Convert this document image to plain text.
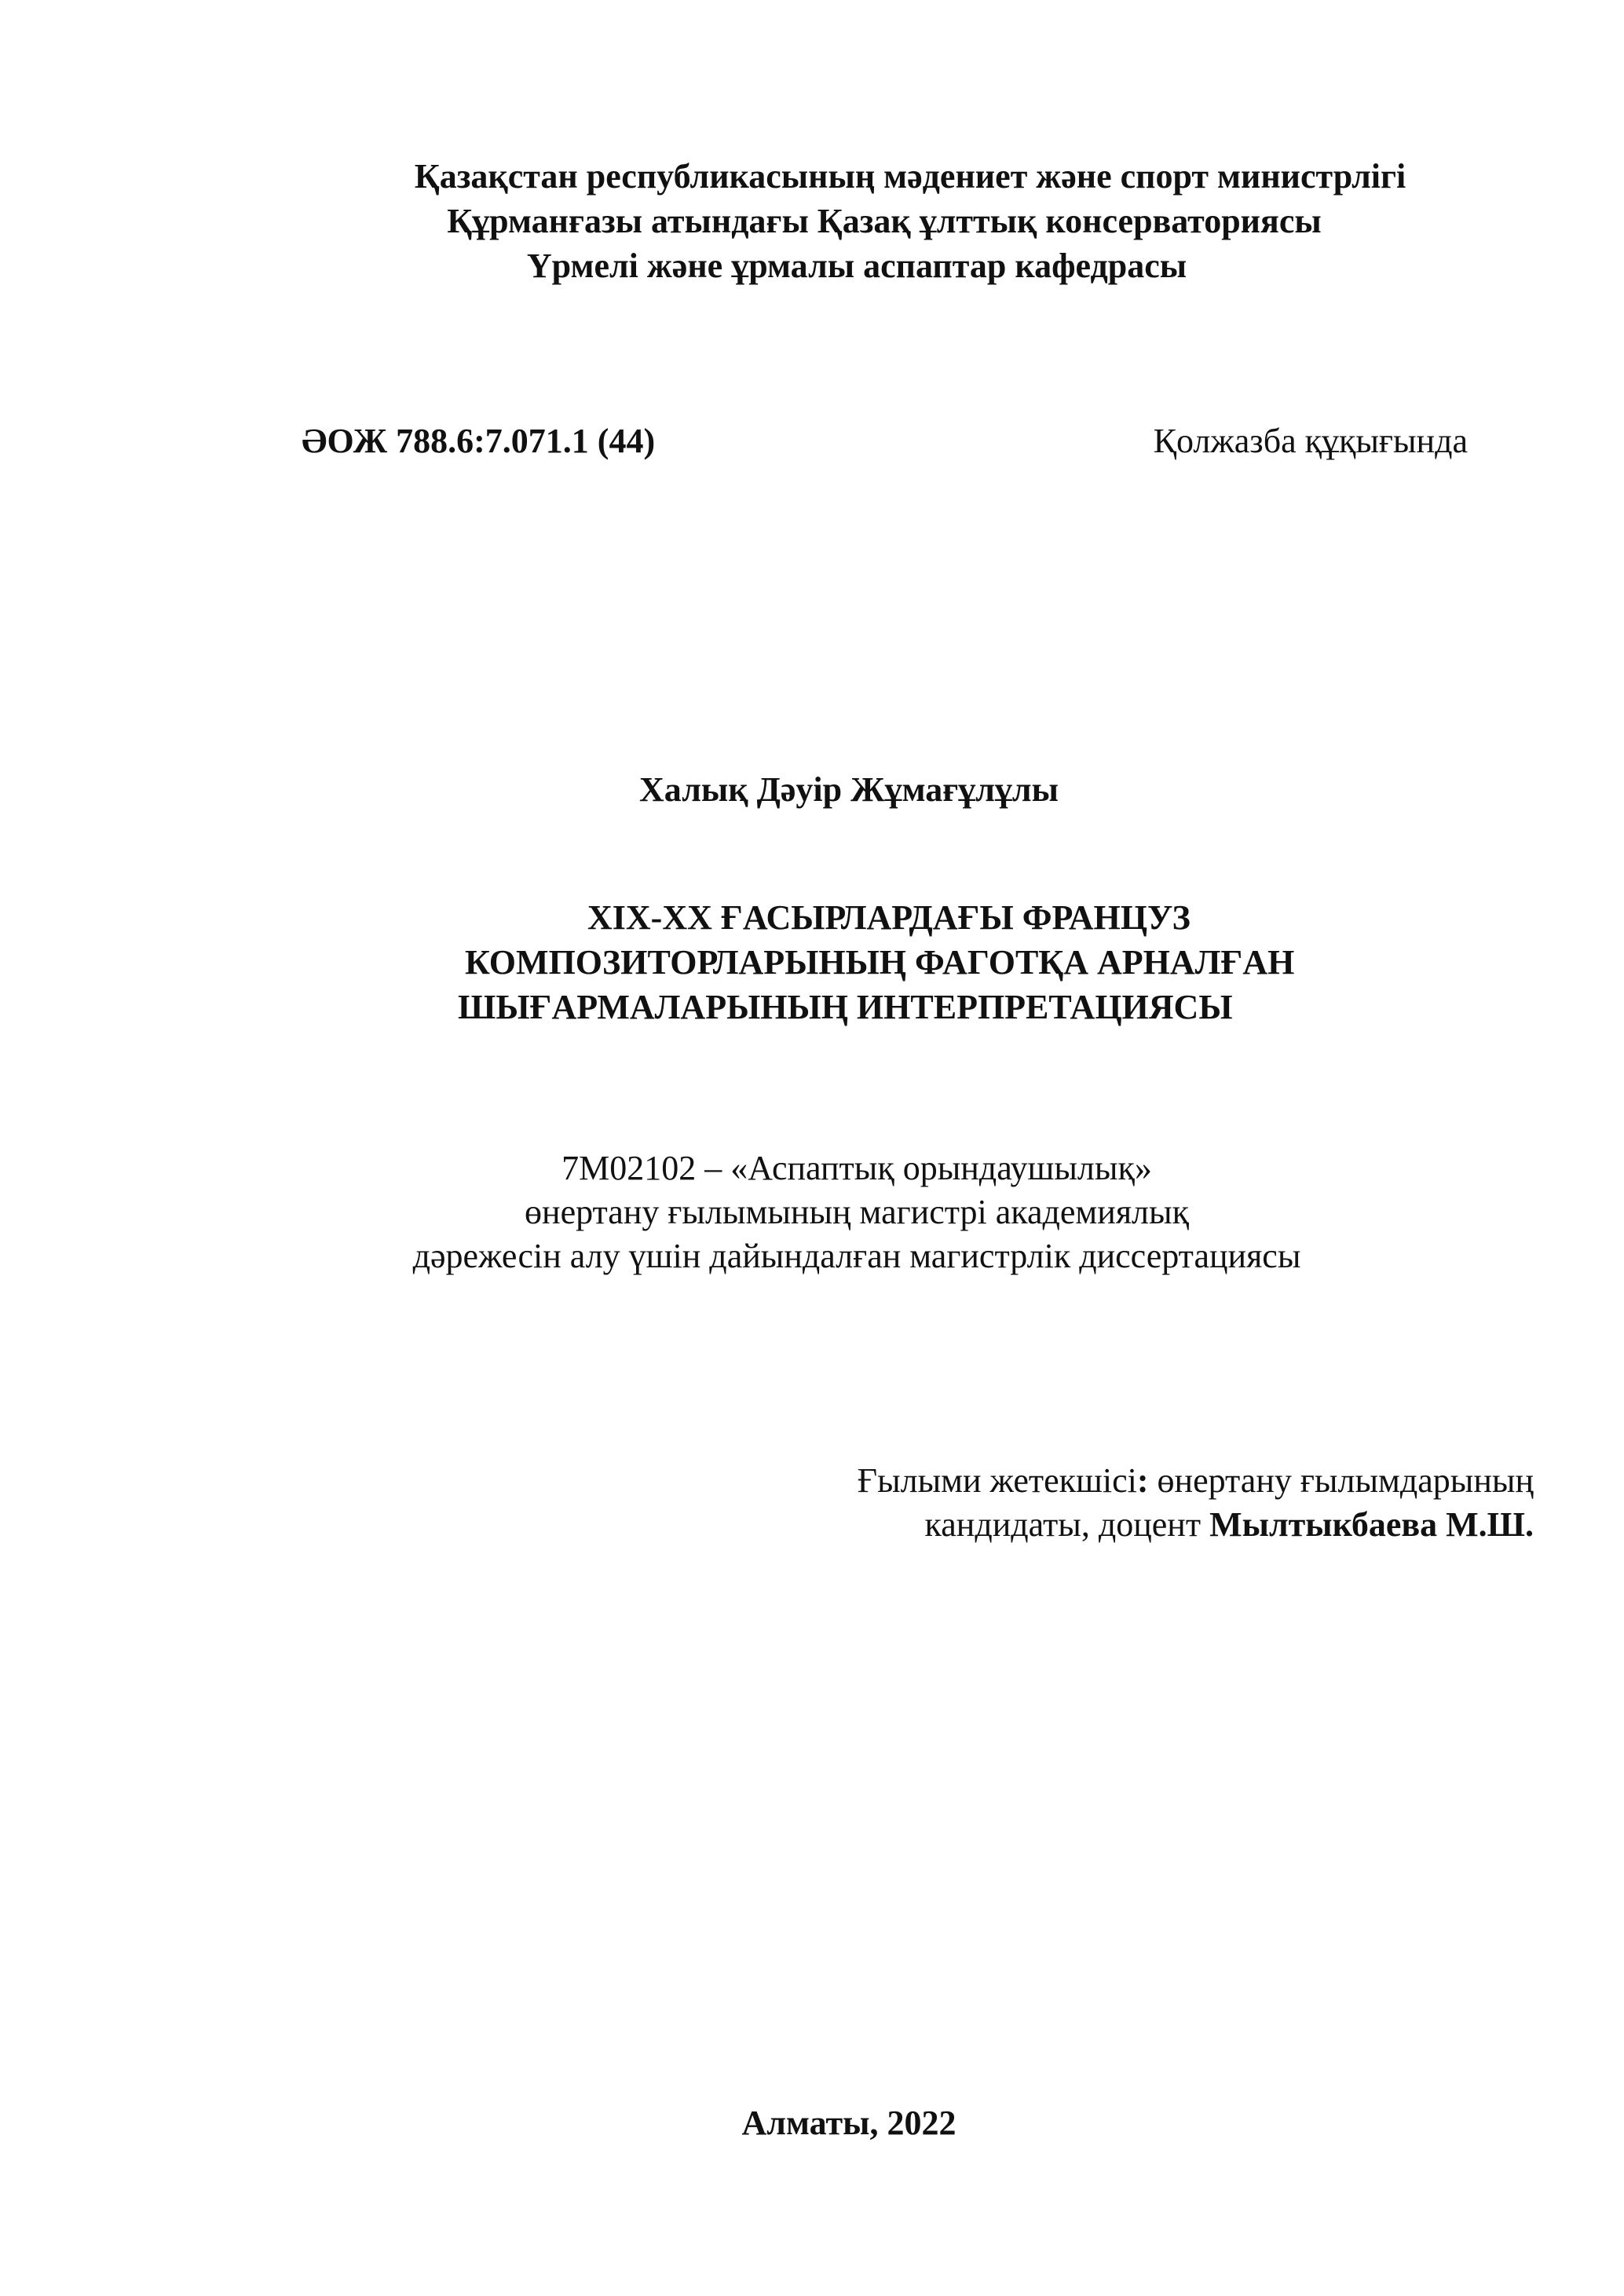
Қазақстан республикасының мәдениет және спорт министрлігі
Құрманғазы атындағы Қазақ ұлттық консерваториясы
Үрмелі және ұрмалы аспаптар кафедрасы
ӘОЖ 788.6:7.071.1 (44)	Қолжазба құқығында
Халық Дәуір Жұмағұлұлы
XIX-XX ҒАСЫРЛАРДАҒЫ ФРАНЦУЗ
КОМПОЗИТОРЛАРЫНЫҢ ФАГОТҚА АРНАЛҒАН
ШЫҒАРМАЛАРЫНЫҢ ИНТЕРПРЕТАЦИЯСЫ
7M02102 – «Аспаптық орындаушылық»
өнертану ғылымының магистрі академиялық
дәрежесін алу үшін дайындалған магистрлік диссертациясы
Ғылыми жетекшісі: өнертану ғылымдарының
кандидаты, доцент Мылтыкбаева М.Ш.
Алматы, 2022
